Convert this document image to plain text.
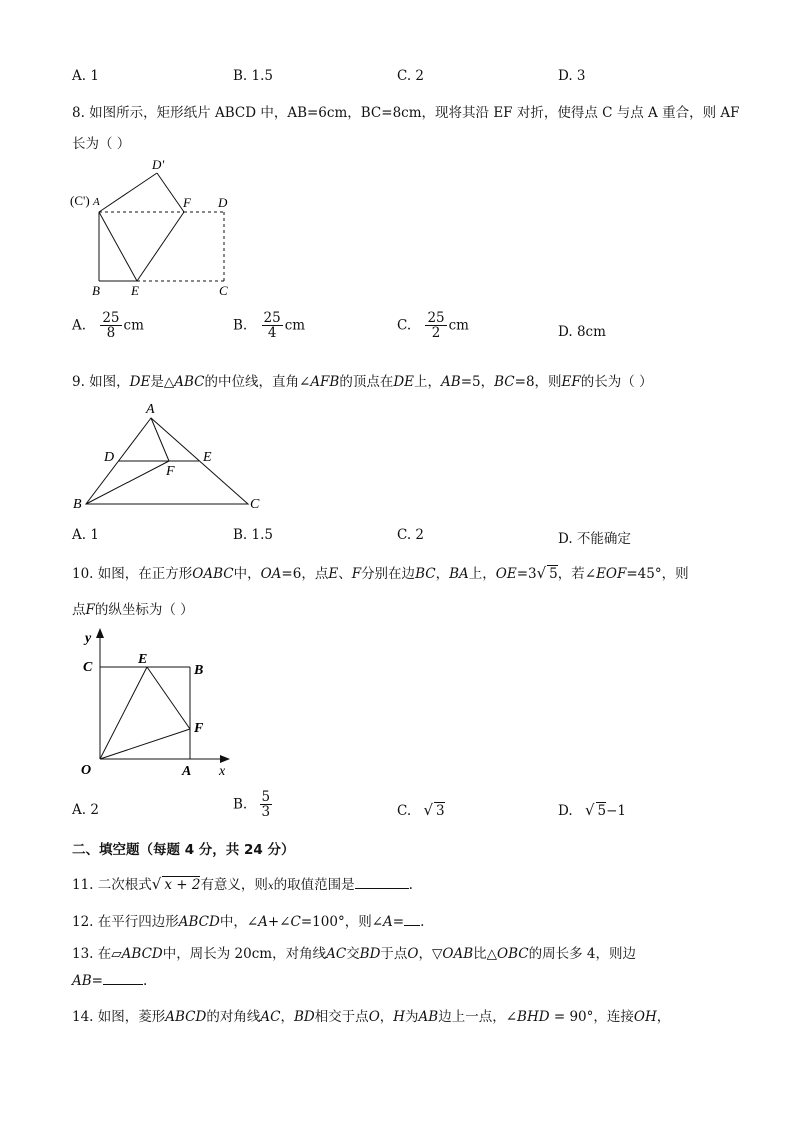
A. 1	B. 1.5	C. 2	D. 3
8. 如图所示，矩形纸片 ABCD 中，AB=6cm，BC=8cm，现将其沿 EF 对折，使得点 C 与点 A 重合，则 AF
长为（ ）
D'
(C') A	F D
B E	C
A. $\frac{25}{8}$ cm	B. $\frac{25}{4}$ cm	C. $\frac{25}{2}$ cm	D. 8cm
9. 如图，DE是△ABC的中位线，直角∠AFB的顶点在DE上，AB=5，BC=8，则EF的长为（ ）
A
D	E
F
B	C
A. 1	B. 1.5	C. 2	D. 不能确定
10. 如图，在正方形OABC中，OA=6，点E、F分别在边BC，BA上，OE=3√ 5，若∠EOF=45°，则
点F的纵坐标为（ ）
y
x
C
E
B
F
O	A
A. 2	B. $\frac{5}{3}$	C. √ 3	D. √ 5−1
二、填空题（每题 4 分，共 24 分）
11. 二次根式√ x + 2有意义，则x的取值范围是	.
12. 在平行四边形ABCD中，∠A+∠C=100°，则∠A= .
13. 在▱ABCD中，周长为 20cm，对角线AC交BD于点O，▽OAB比△OBC的周长多 4，则边
AB=	.
14. 如图，菱形ABCD的对角线AC，BD相交于点O，H为AB边上一点，∠BHD = 90°，连接OH，
